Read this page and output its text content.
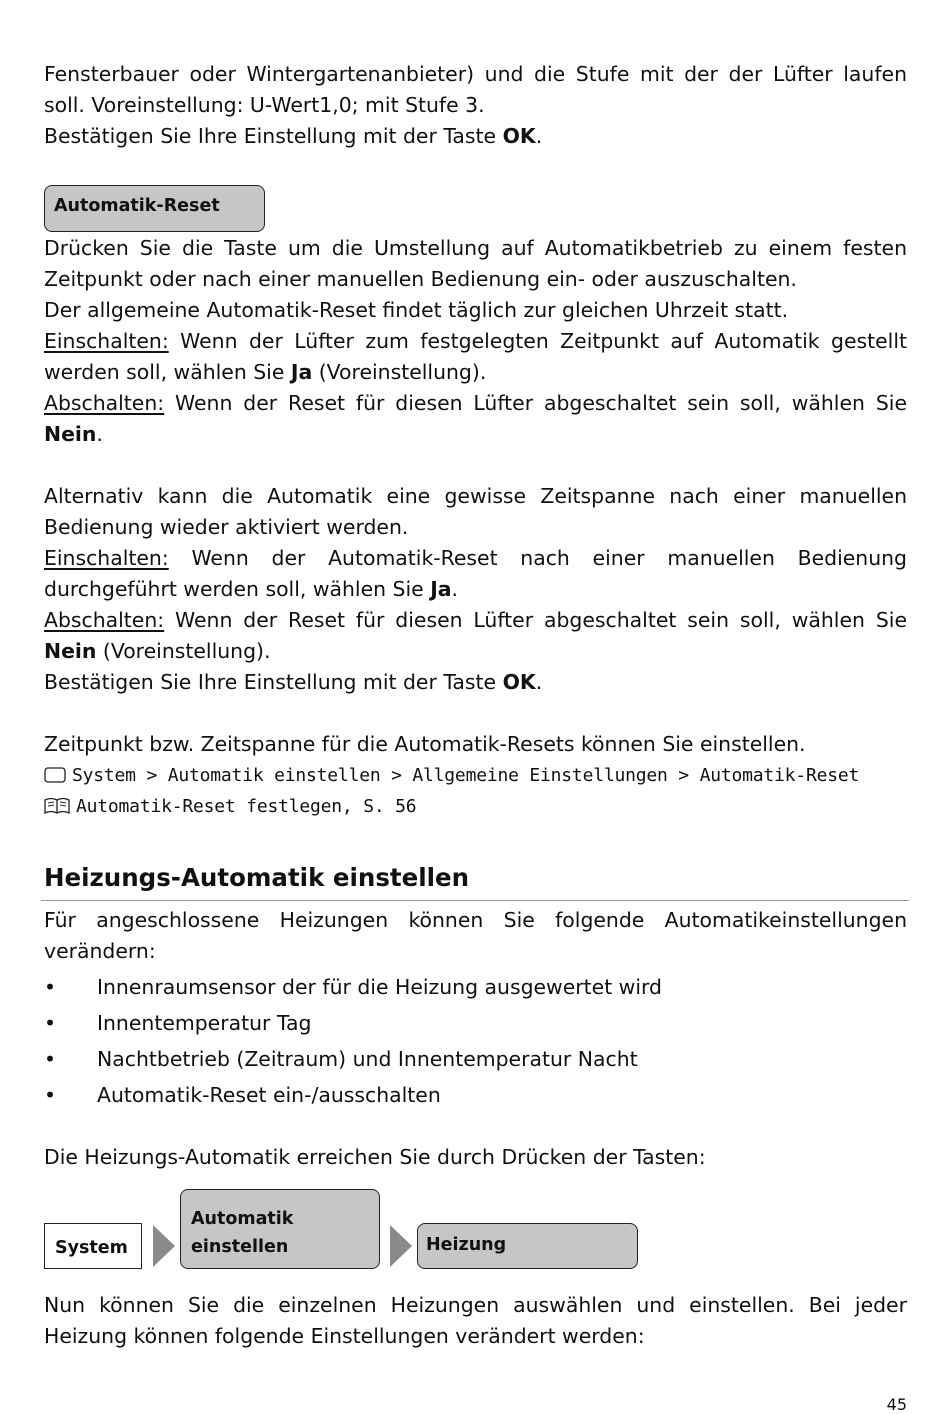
Fensterbauer oder Wintergartenanbieter) und die Stufe mit der der Lüfter laufen soll. Voreinstellung: U-Wert1,0; mit Stufe 3.

Bestätigen Sie Ihre Einstellung mit der Taste OK.

Automatik-Reset

Drücken Sie die Taste um die Umstellung auf Automatikbetrieb zu einem festen Zeitpunkt oder nach einer manuellen Bedienung ein- oder auszuschalten.

Der allgemeine Automatik-Reset findet täglich zur gleichen Uhrzeit statt.

Einschalten: Wenn der Lüfter zum festgelegten Zeitpunkt auf Automatik gestellt werden soll, wählen Sie Ja (Voreinstellung).

Abschalten: Wenn der Reset für diesen Lüfter abgeschaltet sein soll, wählen Sie Nein.

Alternativ kann die Automatik eine gewisse Zeitspanne nach einer manuellen Bedienung wieder aktiviert werden.

Einschalten: Wenn der Automatik-Reset nach einer manuellen Bedienung durchgeführt werden soll, wählen Sie Ja.

Abschalten: Wenn der Reset für diesen Lüfter abgeschaltet sein soll, wählen Sie Nein (Voreinstellung).

Bestätigen Sie Ihre Einstellung mit der Taste OK.

Zeitpunkt bzw. Zeitspanne für die Automatik-Resets können Sie einstellen.

System > Automatik einstellen > Allgemeine Einstellungen > Automatik-Reset
Automatik-Reset festlegen, S. 56
Heizungs-Automatik einstellen

Für angeschlossene Heizungen können Sie folgende Automatikeinstellungen verändern:

• Innenraumsensor der für die Heizung ausgewertet wird
• Innentemperatur Tag
• Nachtbetrieb (Zeitraum) und Innentemperatur Nacht
• Automatik-Reset ein-/ausschalten

Die Heizungs-Automatik erreichen Sie durch Drücken der Tasten:

System
Automatik
einstellen	Heizung

Nun können Sie die einzelnen Heizungen auswählen und einstellen. Bei jeder Heizung können folgende Einstellungen verändert werden:

45
